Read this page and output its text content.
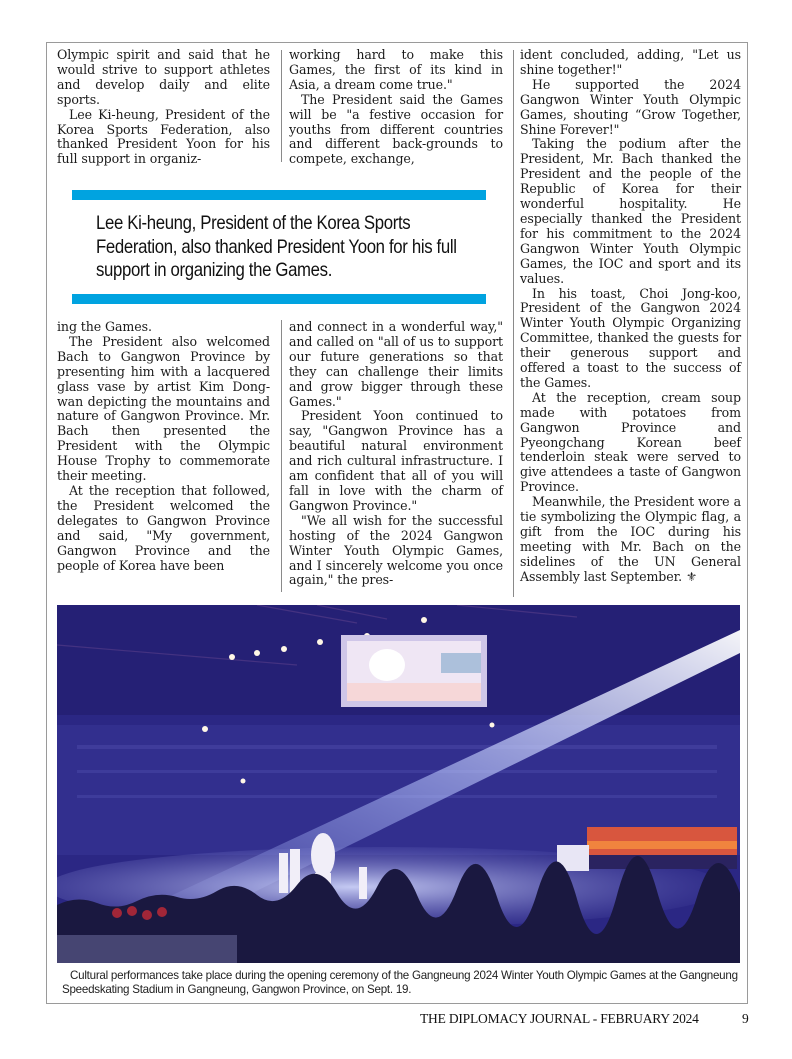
Olympic spirit and said that he would strive to support athletes and develop daily and elite sports.

Lee Ki-heung, President of the Korea Sports Federation, also thanked President Yoon for his full support in organiz-

working hard to make this Games, the first of its kind in Asia, a dream come true."

The President said the Games will be "a festive occasion for youths from different countries and different back-grounds to compete, exchange,

ident concluded, adding, "Let us shine together!"

He supported the 2024 Gangwon Winter Youth Olympic Games, shouting “Grow Together, Shine Forever!"

Taking the podium after the President, Mr. Bach thanked the President and the people of the Republic of Korea for their wonderful hospitality. He especially thanked the President for his commitment to the 2024 Gangwon Winter Youth Olympic Games, the IOC and sport and its values.

In his toast, Choi Jong-koo, President of the Gangwon 2024 Winter Youth Olympic Organizing Committee, thanked the guests for their generous support and offered a toast to the success of the Games.

At the reception, cream soup made with potatoes from Gangwon Province and Pyeongchang Korean beef tenderloin steak were served to give attendees a taste of Gangwon Province.

Meanwhile, the President wore a tie symbolizing the Olympic flag, a gift from the IOC during his meeting with Mr. Bach on the sidelines of the UN General Assembly last September. ⚜

Lee Ki-heung, President of the Korea Sports Federation, also thanked President Yoon for his full support in organizing the Games.

ing the Games.

The President also welcomed Bach to Gangwon Province by presenting him with a lacquered glass vase by artist Kim Dong-wan depicting the mountains and nature of Gangwon Province. Mr. Bach then presented the President with the Olympic House Trophy to commemorate their meeting.

At the reception that followed, the President welcomed the delegates to Gangwon Province and said, "My government, Gangwon Province and the people of Korea have been

and connect in a wonderful way," and called on "all of us to support our future generations so that they can challenge their limits and grow bigger through these Games."

President Yoon continued to say, "Gangwon Province has a beautiful natural environment and rich cultural infrastructure. I am confident that all of you will fall in love with the charm of Gangwon Province."

"We all wish for the successful hosting of the 2024 Gangwon Winter Youth Olympic Games, and I sincerely welcome you once again," the pres-

Cultural performances take place during the opening ceremony of the Gangneung 2024 Winter Youth Olympic Games at the Gangneung Speedskating Stadium in Gangneung, Gangwon Province, on Sept. 19.
THE DIPLOMACY JOURNAL - FEBRUARY 2024	9
